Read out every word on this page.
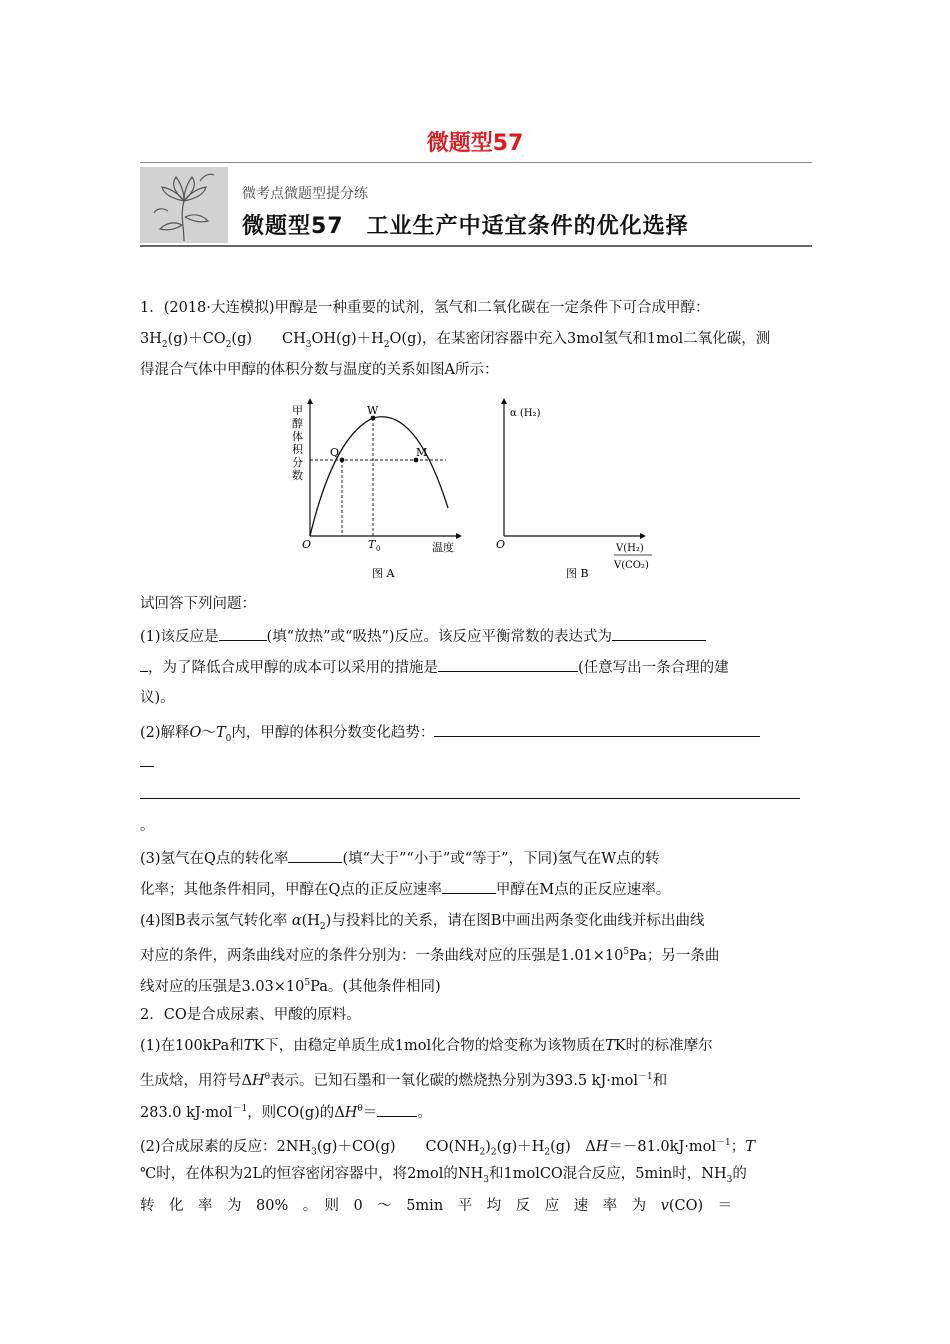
微题型57
微考点微题型提分练
微题型57　工业生产中适宜条件的优化选择
1．(2018·大连模拟)甲醇是一种重要的试剂，氢气和二氧化碳在一定条件下可合成甲醇：
$3H_2(g)+CO_2(g)$ $CH_3OH(g)+H_2O(g)$，在某密闭容器中充入3mol氢气和1mol二氧化碳，测
得混合气体中甲醇的体积分数与温度的关系如图A所示：
W
Q	M
甲
醇
体
积
分
数
O	T 0	温度
图 A
α (H₂)
O	V(H₂)
V(CO₂)
图 B
试回答下列问题：
(1)该反应是	(填“放热”或“吸热”)反应。该反应平衡常数的表达式为
，为了降低合成甲醇的成本可以采用的措施是	(任意写出一条合理的建
议)。
(2)解释$O\sim T_0$内，甲醇的体积分数变化趋势：
。
(3)氢气在Q点的转化率	(填“大于”“小于”或“等于”，下同)氢气在W点的转
化率；其他条件相同，甲醇在Q点的正反应速率	甲醇在M点的正反应速率。
(4)图B表示氢气转化率 $\alpha(H_2)$与投料比的关系，请在图B中画出两条变化曲线并标出曲线
对应的条件，两条曲线对应的条件分别为：一条曲线对应的压强是$1.01\times 10^5Pa$；另一条曲
线对应的压强是$3.03\times 10^5Pa$。(其他条件相同)
2．CO是合成尿素、甲酸的原料。
(1)在100kPa和TK下，由稳定单质生成1mol化合物的焓变称为该物质在TK时的标准摩尔
生成焓，用符号$\Delta H^\theta$表示。已知石墨和一氧化碳的燃烧热分别为393.5 kJ·mol$^{-1}$和
283.0 kJ·mol$^{-1}$，则CO(g)的$\Delta H^\theta=$	。
(2)合成尿素的反应：$2NH_3(g)+CO(g)$ $CO(NH_2)_2(g)+H_2(g)$　ΔH＝－81.0kJ·mol$^{-1}$；T
℃时，在体积为2L的恒容密闭容器中，将2mol的$NH_3$和1molCO混合反应，5min时，$NH_3$的
转　化　率　为　80%　。　则　0　～　5min　平　均　反　应　速　率　为　v(CO)　＝
